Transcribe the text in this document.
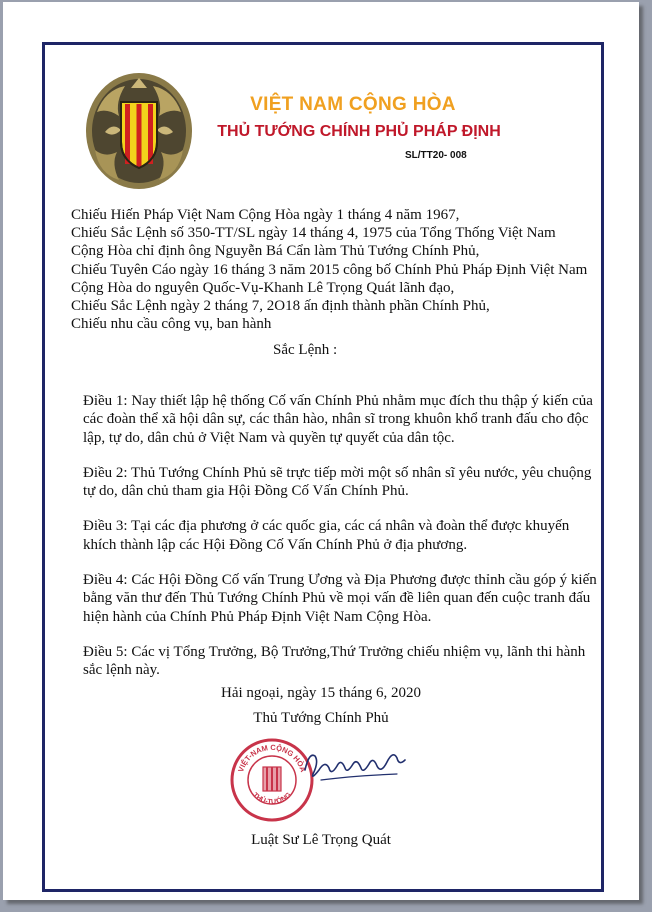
VIỆT NAM CỘNG HÒA
THỦ TƯỚNG CHÍNH PHỦ PHÁP ĐỊNH
SL/TT20- 008
Chiếu Hiến Pháp Việt Nam Cộng Hòa ngày 1 tháng 4 năm 1967,
Chiếu Sắc Lệnh số 350-TT/SL ngày 14 tháng 4, 1975 của Tổng Thống Việt Nam
Cộng Hòa chỉ định ông Nguyễn Bá Cẩn làm Thủ Tướng Chính Phủ,
Chiếu Tuyên Cáo ngày 16 tháng 3 năm 2015 công bố Chính Phủ Pháp Định Việt Nam
Cộng Hòa do nguyên Quốc-Vụ-Khanh Lê Trọng Quát lãnh đạo,
Chiếu Sắc Lệnh ngày 2 tháng 7, 2O18 ấn định thành phần Chính Phủ,
Chiếu nhu cầu công vụ, ban hành
Sắc Lệnh :
Điều 1: Nay thiết lập hệ thống Cố vấn Chính Phủ nhằm mục đích thu thập ý kiến của
các đoàn thể xã hội dân sự, các thân hào, nhân sĩ trong khuôn khổ tranh đấu cho độc
lập, tự do, dân chủ ở Việt Nam và quyền tự quyết của dân tộc.
Điều 2: Thủ Tướng Chính Phủ sẽ trực tiếp mời một số nhân sĩ yêu nước, yêu chuộng
tự do, dân chủ tham gia Hội Đồng Cố Vấn Chính Phủ.
Điều 3: Tại các địa phương ở các quốc gia, các cá nhân và đoàn thể được khuyến
khích thành lập các Hội Đồng Cố Vấn Chính Phủ ở địa phương.
Điều 4: Các Hội Đồng Cố vấn Trung Ương và Địa Phương được thỉnh cầu góp ý kiến
bằng văn thư đến Thủ Tướng Chính Phủ về mọi vấn đề liên quan đến cuộc tranh đấu
hiện hành của Chính Phủ Pháp Định Việt Nam Cộng Hòa.
Điều 5: Các vị Tổng Trưởng, Bộ Trưởng,Thứ Trưởng chiếu nhiệm vụ, lãnh thi hành
sắc lệnh này.
Hải ngoại, ngày 15 tháng 6, 2020
Thủ Tướng Chính Phủ
VIỆT-NAM CỘNG HÒA
THỦ-TƯỚNG
Luật Sư Lê Trọng Quát
